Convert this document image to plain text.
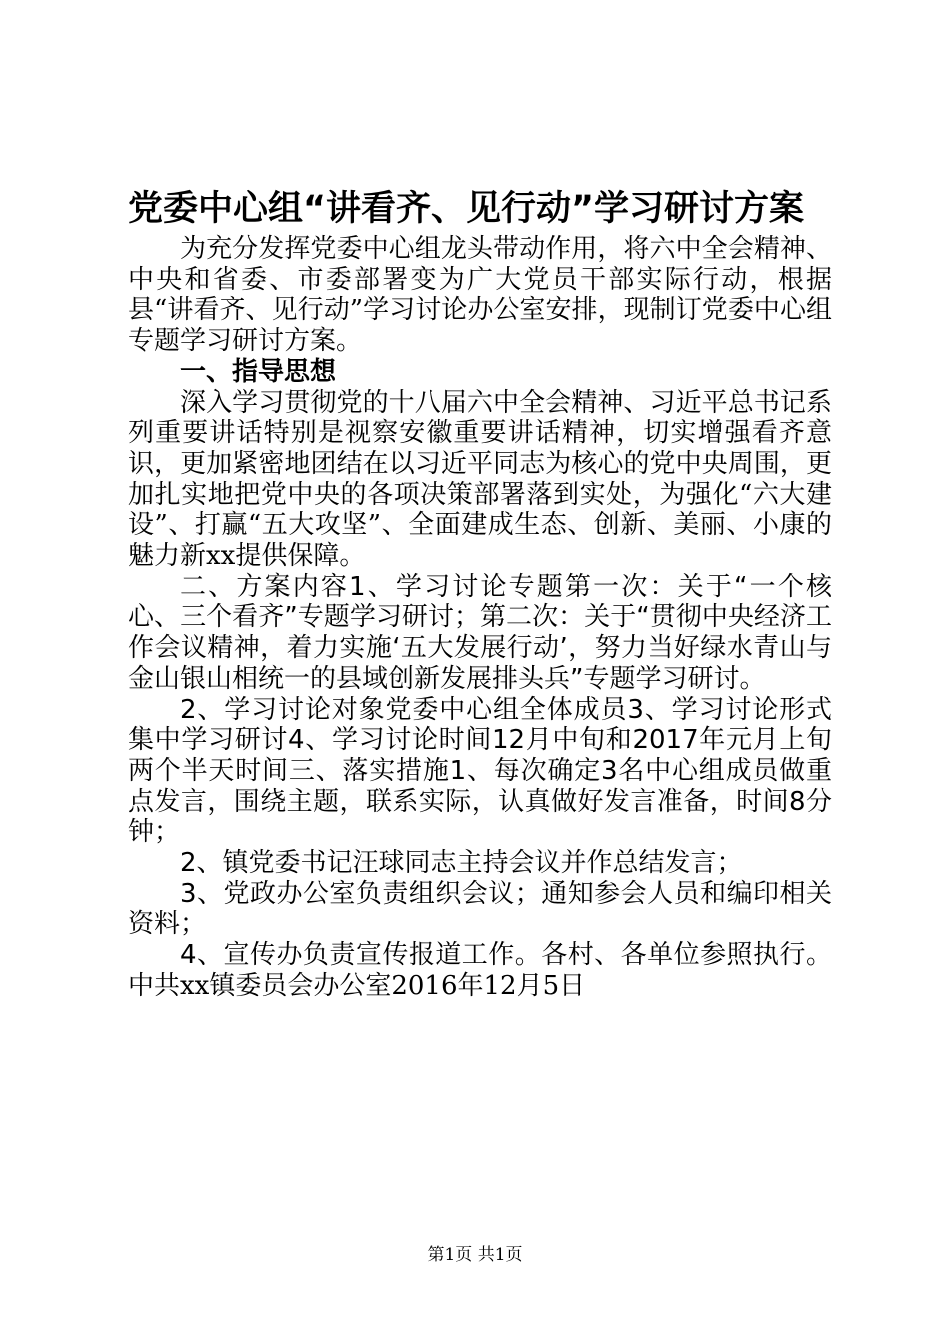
党委中心组“讲看齐、见行动”学习研讨方案

为充分发挥党委中心组龙头带动作用，将六中全会精神、中央和省委、市委部署变为广大党员干部实际行动，根据县“讲看齐、见行动”学习讨论办公室安排，现制订党委中心组专题学习研讨方案。

一、指导思想

深入学习贯彻党的十八届六中全会精神、习近平总书记系列重要讲话特别是视察安徽重要讲话精神，切实增强看齐意识，更加紧密地团结在以习近平同志为核心的党中央周围，更加扎实地把党中央的各项决策部署落到实处，为强化“六大建设”、打赢“五大攻坚”、全面建成生态、创新、美丽、小康的魅力新xx提供保障。

二、方案内容1、学习讨论专题第一次：关于“一个核心、三个看齐”专题学习研讨；第二次：关于“贯彻中央经济工作会议精神，着力实施‘五大发展行动’，努力当好绿水青山与金山银山相统一的县域创新发展排头兵”专题学习研讨。

2、学习讨论对象党委中心组全体成员3、学习讨论形式集中学习研讨4、学习讨论时间12月中旬和2017年元月上旬两个半天时间三、落实措施1、每次确定3名中心组成员做重点发言，围绕主题，联系实际，认真做好发言准备，时间8分钟；

2、镇党委书记汪球同志主持会议并作总结发言；

3、党政办公室负责组织会议；通知参会人员和编印相关资料；

4、宣传办负责宣传报道工作。各村、各单位参照执行。中共xx镇委员会办公室2016年12月5日

第1页 共1页
